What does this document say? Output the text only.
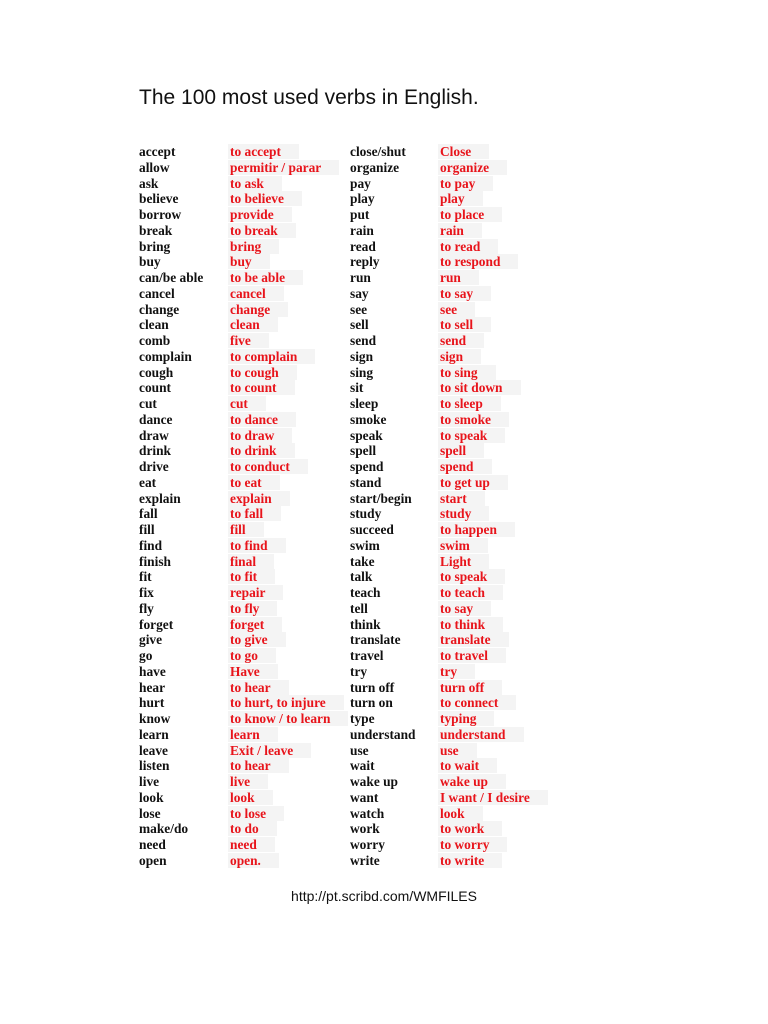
The 100 most used verbs in English.
accept
allow
ask
believe
borrow
break
bring
buy
can/be able
cancel
change
clean
comb
complain
cough
count
cut
dance
draw
drink
drive
eat
explain
fall
fill
find
finish
fit
fix
fly
forget
give
go
have
hear
hurt
know
learn
leave
listen
live
look
lose
make/do
need
open
to accept
permitir / parar
to ask
to believe
provide
to break
bring
buy
to be able
cancel
change
clean
five
to complain
to cough
to count
cut
to dance
to draw
to drink
to conduct
to eat
explain
to fall
fill
to find
final
to fit
repair
to fly
forget
to give
to go
Have
to hear
to hurt, to injure
to know / to learn
learn
Exit / leave
to hear
live
look
to lose
to do
need
open.
close/shut
organize
pay
play
put
rain
read
reply
run
say
see
sell
send
sign
sing
sit
sleep
smoke
speak
spell
spend
stand
start/begin
study
succeed
swim
take
talk
teach
tell
think
translate
travel
try
turn off
turn on
type
understand
use
wait
wake up
want
watch
work
worry
write
Close
organize
to pay
play
to place
rain
to read
to respond
run
to say
see
to sell
send
sign
to sing
to sit down
to sleep
to smoke
to speak
spell
spend
to get up
start
study
to happen
swim
Light
to speak
to teach
to say
to think
translate
to travel
try
turn off
to connect
typing
understand
use
to wait
wake up
I want / I desire
look
to work
to worry
to write
http://pt.scribd.com/WMFILES
